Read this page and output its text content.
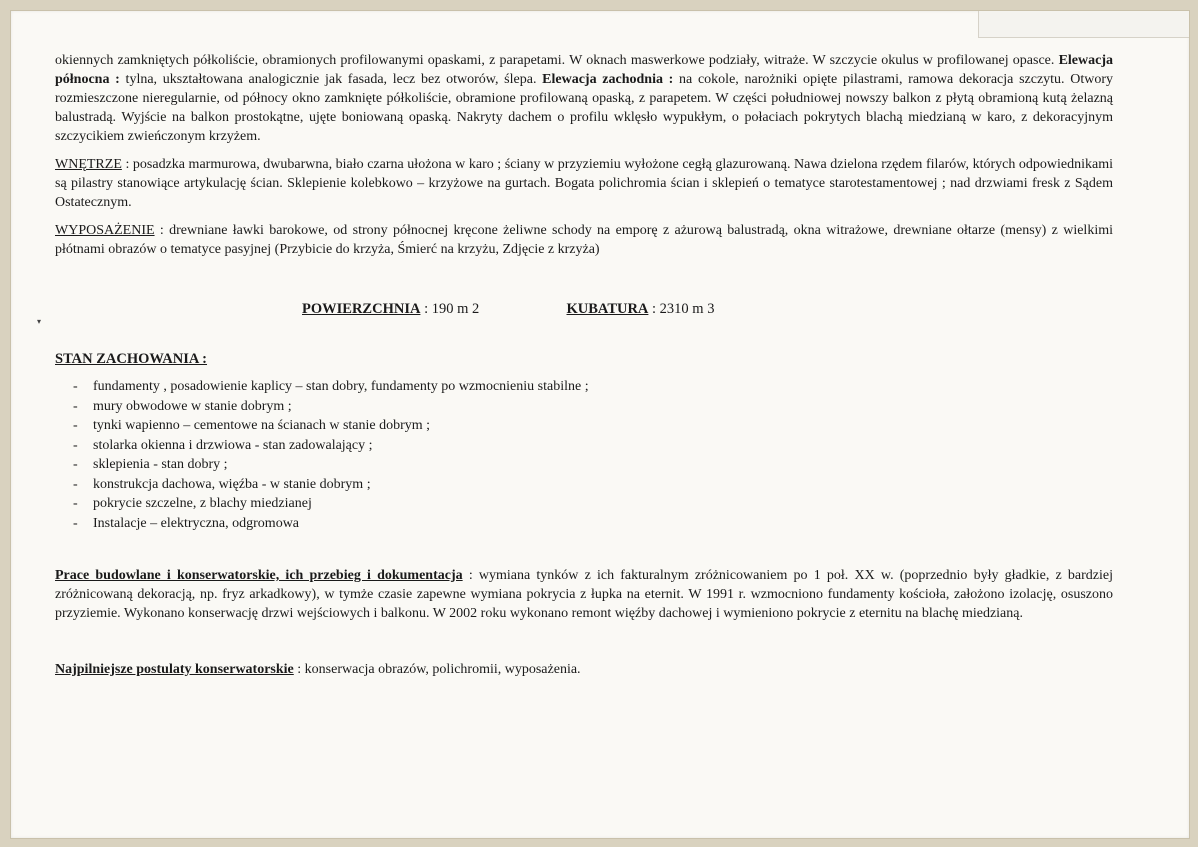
▾

okiennych zamkniętych półkoliście, obramionych profilowanymi opaskami, z parapetami. W oknach maswerkowe podziały, witraże. W szczycie okulus w profilowanej opasce. Elewacja północna : tylna, ukształtowana analogicznie jak fasada, lecz bez otworów, ślepa. Elewacja zachodnia : na cokole, narożniki opięte pilastrami, ramowa dekoracja szczytu. Otwory rozmieszczone nieregularnie, od północy okno zamknięte półkoliście, obramione profilowaną opaską, z parapetem. W części południowej nowszy balkon z płytą obramioną kutą żelazną balustradą. Wyjście na balkon prostokątne, ujęte boniowaną opaską. Nakryty dachem o profilu wklęsło wypukłym, o połaciach pokrytych blachą miedzianą w karo, z dekoracyjnym szczycikiem zwieńczonym krzyżem.

WNĘTRZE : posadzka marmurowa, dwubarwna, biało czarna ułożona w karo ; ściany w przyziemiu wyłożone cegłą glazurowaną. Nawa dzielona rzędem filarów, których odpowiednikami są pilastry stanowiące artykulację ścian. Sklepienie kolebkowo – krzyżowe na gurtach. Bogata polichromia ścian i sklepień o tematyce starotestamentowej ; nad drzwiami fresk z Sądem Ostatecznym.

WYPOSAŻENIE : drewniane ławki barokowe, od strony północnej kręcone żeliwne schody na emporę z ażurową balustradą, okna witrażowe, drewniane ołtarze (mensy) z wielkimi płótnami obrazów o tematyce pasyjnej (Przybicie do krzyża, Śmierć na krzyżu, Zdjęcie z krzyża)

POWIERZCHNIA : 190 m 2	KUBATURA : 2310 m 3
STAN ZACHOWANIA :
- fundamenty , posadowienie kaplicy – stan dobry, fundamenty po wzmocnieniu stabilne ;
- mury obwodowe w stanie dobrym ;
- tynki wapienno – cementowe na ścianach w stanie dobrym ;
- stolarka okienna i drzwiowa - stan zadowalający ;
- sklepienia - stan dobry ;
- konstrukcja dachowa, więźba - w stanie dobrym ;
- pokrycie szczelne, z blachy miedzianej
- Instalacje – elektryczna, odgromowa

Prace budowlane i konserwatorskie, ich przebieg i dokumentacja : wymiana tynków z ich fakturalnym zróżnicowaniem po 1 poł. XX w. (poprzednio były gładkie, z bardziej zróżnicowaną dekoracją, np. fryz arkadkowy), w tymże czasie zapewne wymiana pokrycia z łupka na eternit. W 1991 r. wzmocniono fundamenty kościoła, założono izolację, osuszono przyziemie. Wykonano konserwację drzwi wejściowych i balkonu. W 2002 roku wykonano remont więźby dachowej i wymieniono pokrycie z eternitu na blachę miedzianą.

Najpilniejsze postulaty konserwatorskie : konserwacja obrazów, polichromii, wyposażenia.
